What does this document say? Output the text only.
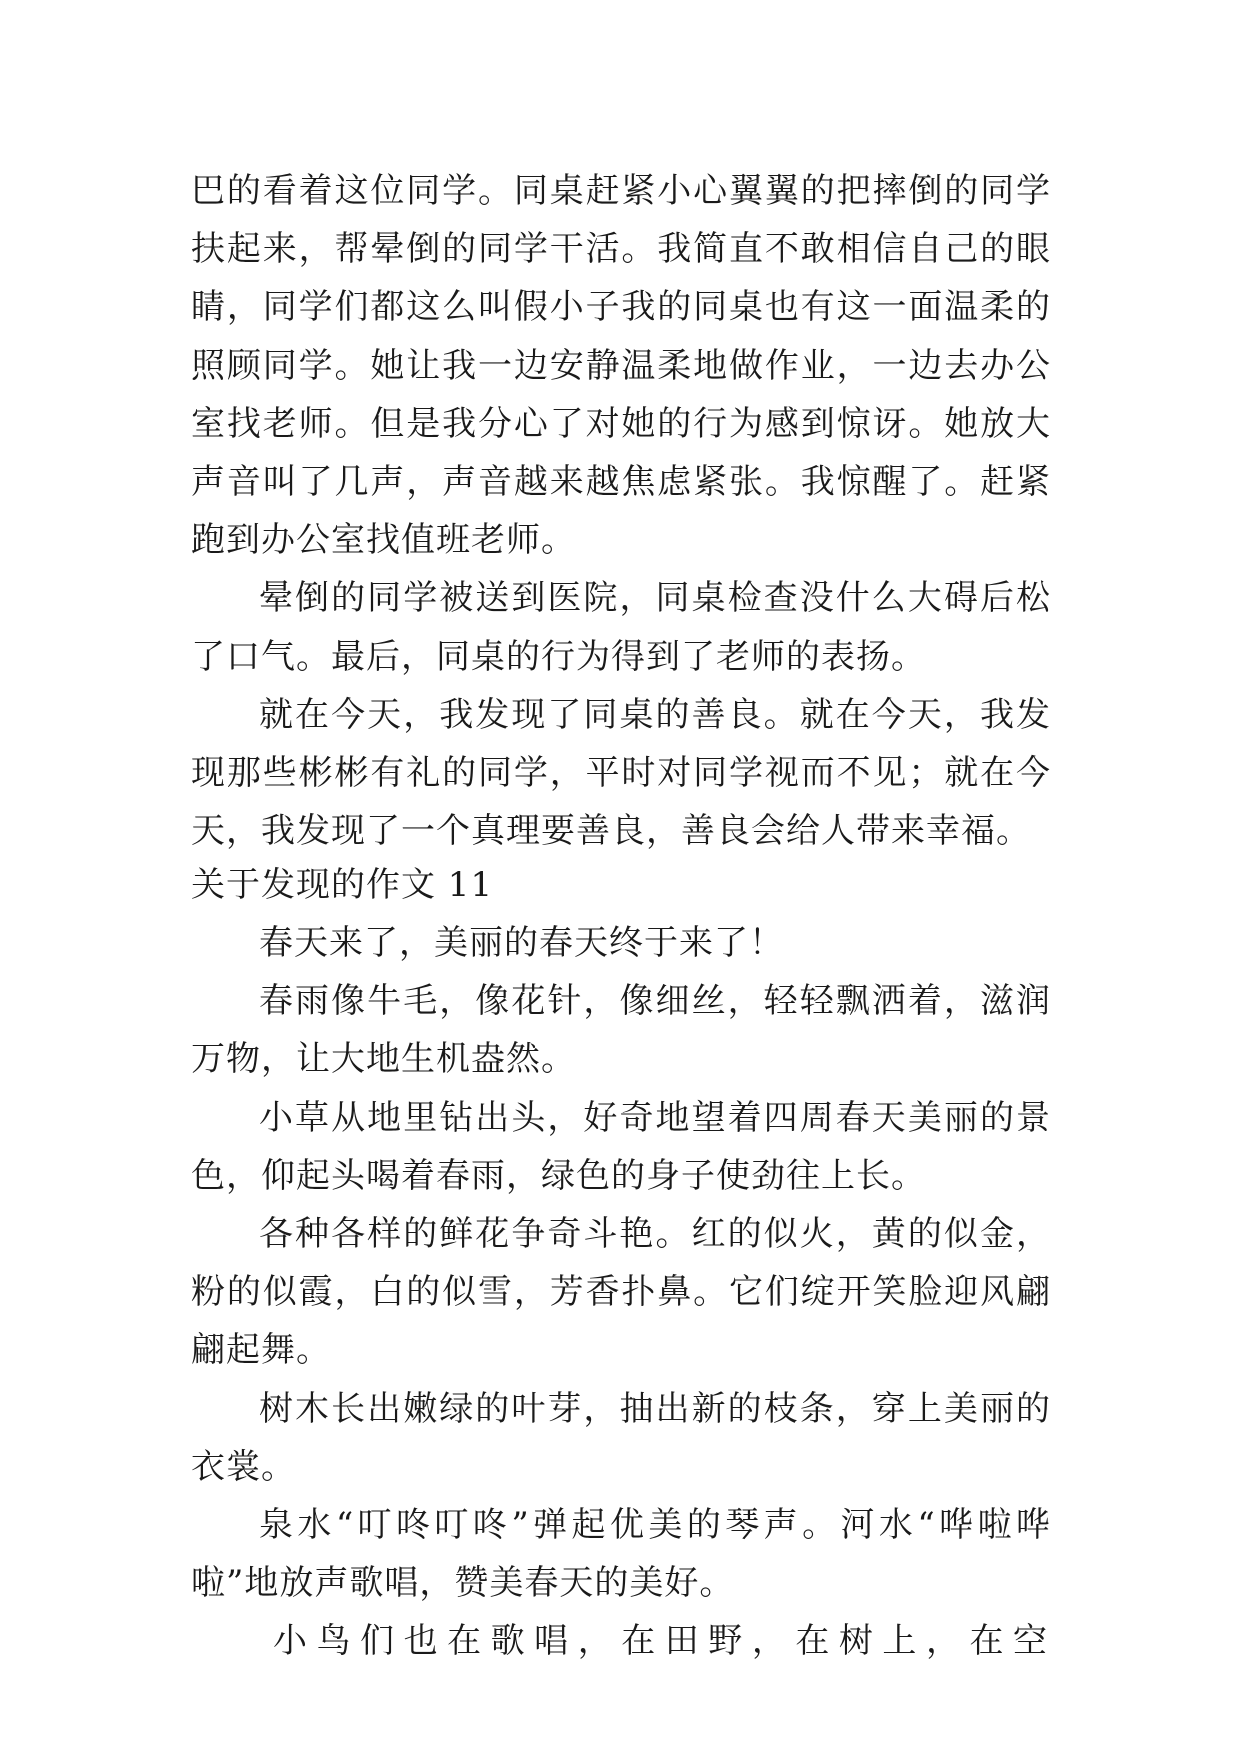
巴的看着这位同学。同桌赶紧小心翼翼的把摔倒的同学扶起来，帮晕倒的同学干活。我简直不敢相信自己的眼睛，同学们都这么叫假小子我的同桌也有这一面温柔的照顾同学。她让我一边安静温柔地做作业，一边去办公室找老师。但是我分心了对她的行为感到惊讶。她放大声音叫了几声，声音越来越焦虑紧张。我惊醒了。赶紧跑到办公室找值班老师。

晕倒的同学被送到医院，同桌检查没什么大碍后松了口气。最后，同桌的行为得到了老师的表扬。

就在今天，我发现了同桌的善良。就在今天，我发现那些彬彬有礼的同学，平时对同学视而不见；就在今天，我发现了一个真理要善良，善良会给人带来幸福。

关于发现的作文 11

春天来了，美丽的春天终于来了！

春雨像牛毛，像花针，像细丝，轻轻飘洒着，滋润万物，让大地生机盎然。

小草从地里钻出头，好奇地望着四周春天美丽的景色，仰起头喝着春雨，绿色的身子使劲往上长。

各种各样的鲜花争奇斗艳。红的似火，黄的似金，粉的似霞，白的似雪，芳香扑鼻。它们绽开笑脸迎风翩翩起舞。

树木长出嫩绿的叶芽，抽出新的枝条，穿上美丽的衣裳。

泉水“叮咚叮咚”弹起优美的琴声。河水“哗啦哗啦”地放声歌唱，赞美春天的美好。

小鸟们也在歌唱，在田野，在树上，在空
